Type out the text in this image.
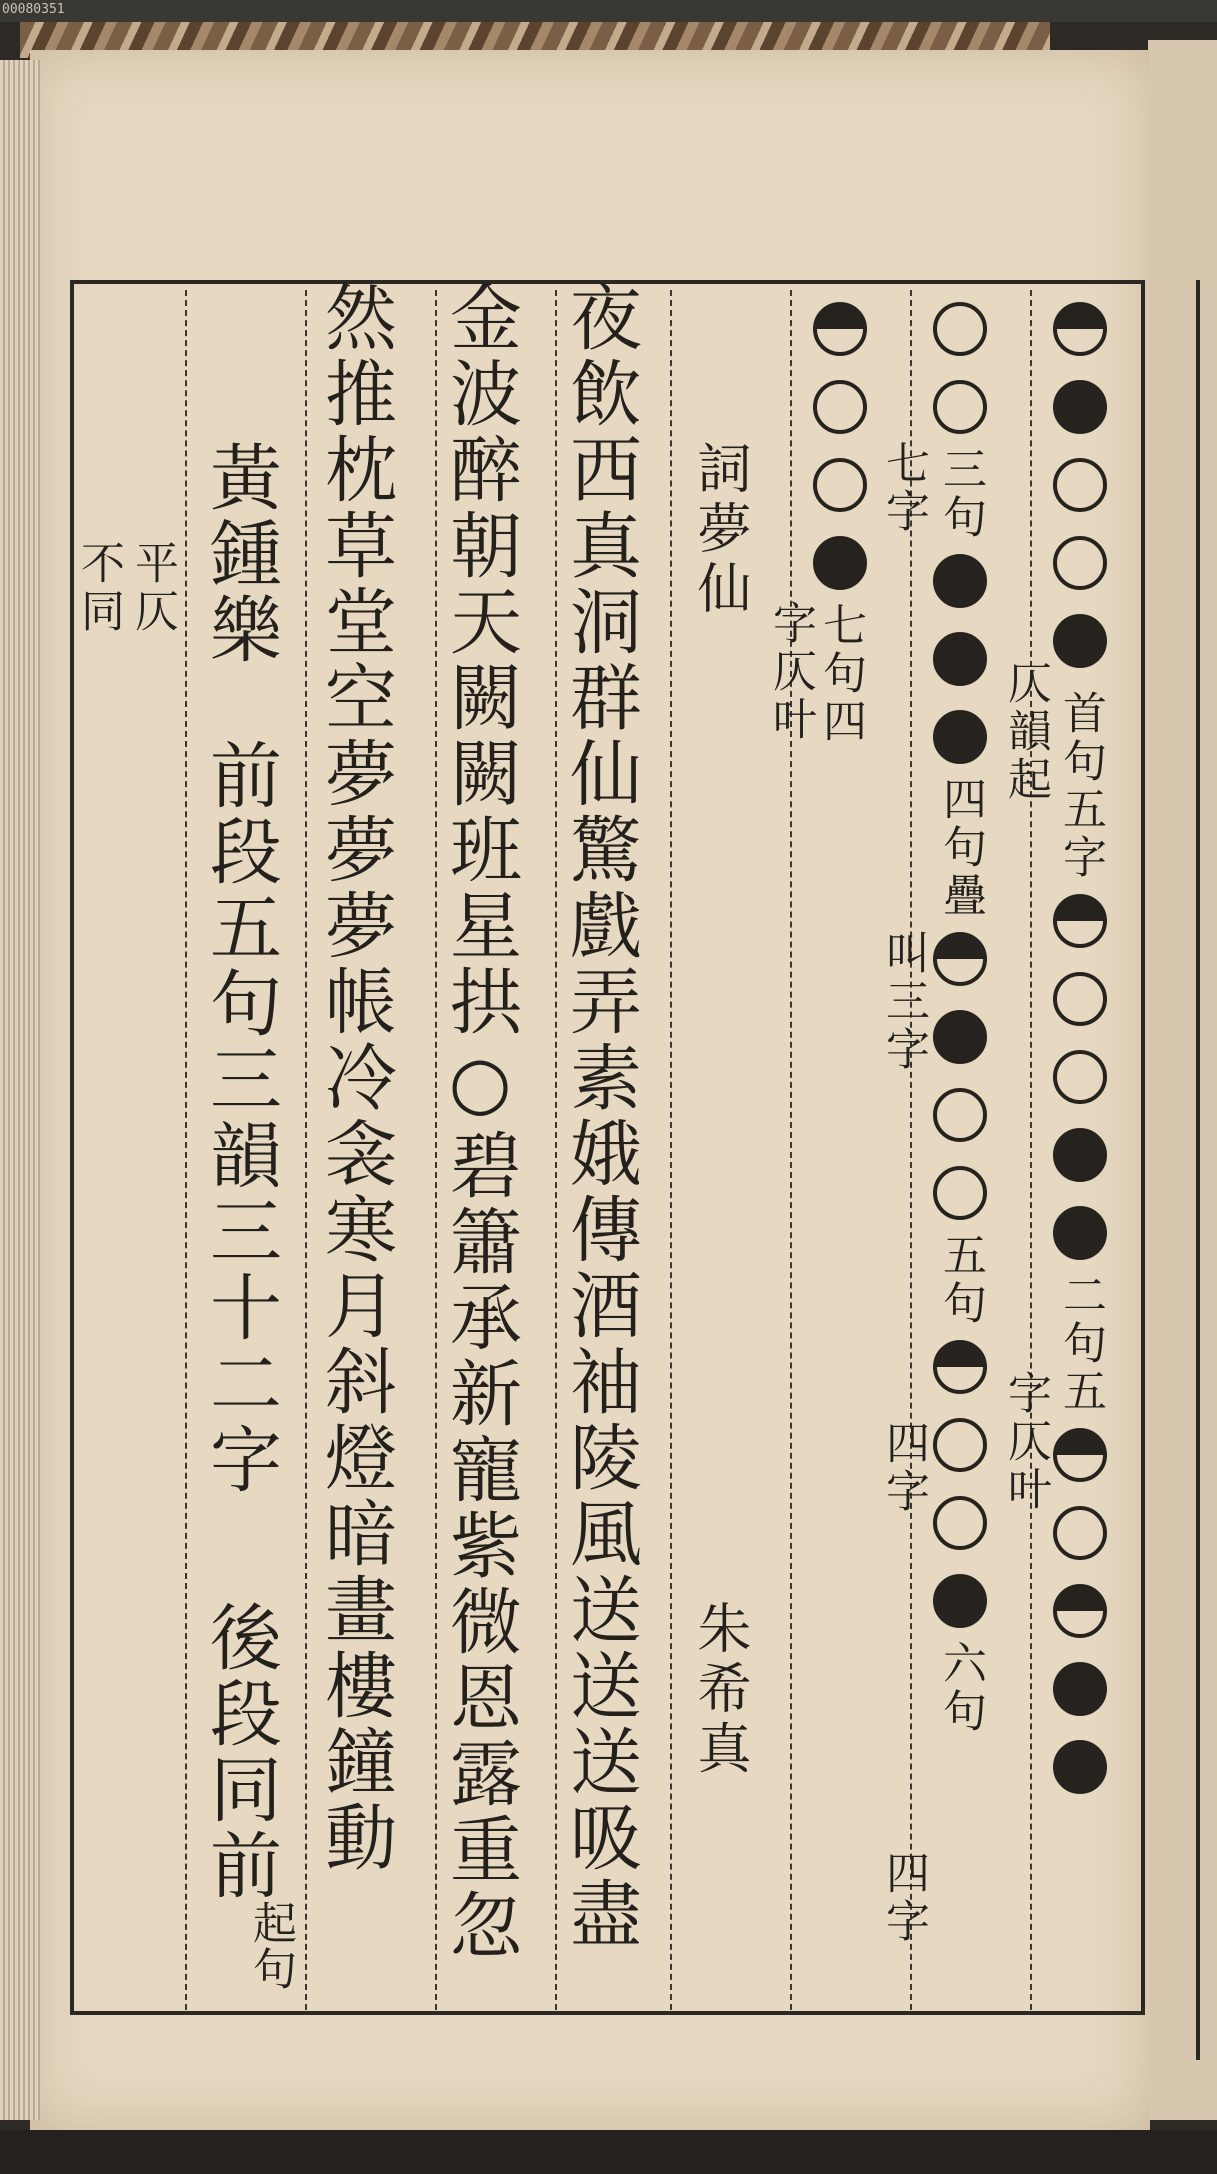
00080351
首句五字
二句五
仄韻起
字仄叶
三句
四句疊
五句
六句
七字
叫三字
四字
四字
七句四
字仄叶
詞夢仙
朱希真
夜飲西真洞群仙驚戲弄素娥傳酒袖陵風送送送吸盡
金波醉朝天闕闕班星拱○碧簫承新寵紫微恩露重忽
然推枕草堂空夢夢夢帳冷衾寒月斜燈暗畫樓鐘動
黃鍾樂
前段五句三韻三十二字
後段同前
起句
平仄
不同
